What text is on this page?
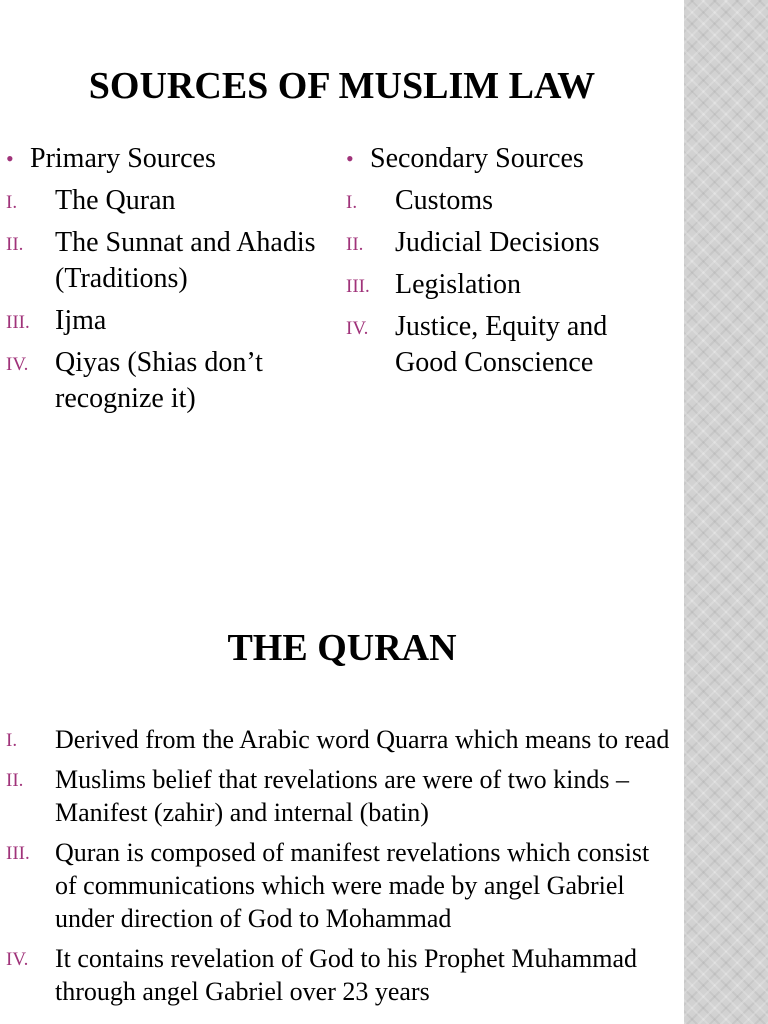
SOURCES OF MUSLIM LAW
• Primary Sources
I. The Quran
II. The Sunnat and Ahadis (Traditions)
III. Ijma
IV. Qiyas (Shias don’t recognize it)
• Secondary Sources
I. Customs
II. Judicial Decisions
III. Legislation
IV. Justice, Equity and Good Conscience
THE QURAN
I. Derived from the Arabic word Quarra which means to read
II. Muslims belief that revelations are were of two kinds – Manifest (zahir) and internal (batin)
III. Quran is composed of manifest revelations which consist of communications which were made by angel Gabriel under direction of God to Mohammad
IV. It contains revelation of God to his Prophet Muhammad through angel Gabriel over 23 years
